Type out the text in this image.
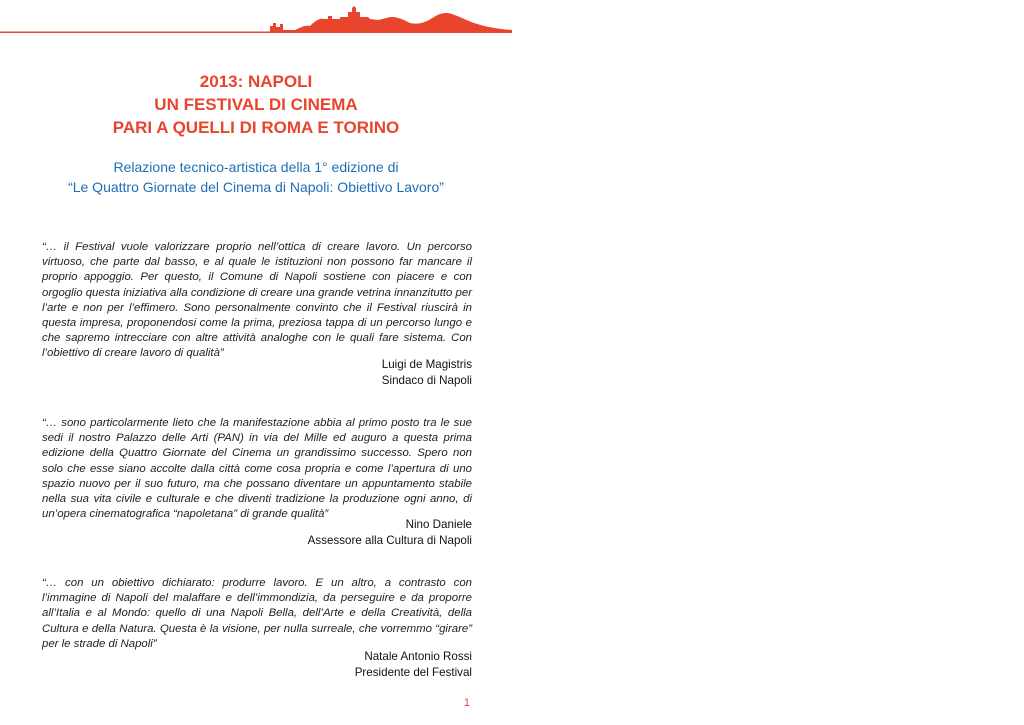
2013: NAPOLI
UN FESTIVAL DI CINEMA
PARI A QUELLI DI ROMA E TORINO
Relazione tecnico-artistica della 1° edizione di
“Le Quattro Giornate del Cinema di Napoli: Obiettivo Lavoro”

“… il Festival vuole valorizzare proprio nell’ottica di creare lavoro. Un percorso virtuoso, che parte dal basso, e al quale le istituzioni non possono far mancare il proprio appoggio. Per questo, il Comune di Napoli sostiene con piacere e con orgoglio questa iniziativa alla condizione di creare una grande vetrina innanzitutto per l’arte e non per l’effimero. Sono personalmente convinto che il Festival riuscirà in questa impresa, proponendosi come la prima, preziosa tappa di un percorso lungo e che sapremo intrecciare con altre attività analoghe con le quali fare sistema. Con l’obiettivo di creare lavoro di qualità”

Luigi de Magistris
Sindaco di Napoli

“… sono particolarmente lieto che la manifestazione abbia al primo posto tra le sue sedi il nostro Palazzo delle Arti (PAN) in via del Mille ed auguro a questa prima edizione della Quattro Giornate del Cinema un grandissimo successo. Spero non solo che esse siano accolte dalla città come cosa propria e come l’apertura di uno spazio nuovo per il suo futuro, ma che possano diventare un appuntamento stabile nella sua vita civile e culturale e che diventi tradizione la produzione ogni anno, di un’opera cinematografica “napoletana” di grande qualità”

Nino Daniele
Assessore alla Cultura di Napoli

“… con un obiettivo dichiarato: produrre lavoro. E un altro, a contrasto con l’immagine di Napoli del malaffare e dell’immondizia, da perseguire e da proporre all’Italia e al Mondo: quello di una Napoli Bella, dell’Arte e della Creatività, della Cultura e della Natura. Questa è la visione, per nulla surreale, che vorremmo “girare” per le strade di Napoli”

Natale Antonio Rossi
Presidente del Festival
1
